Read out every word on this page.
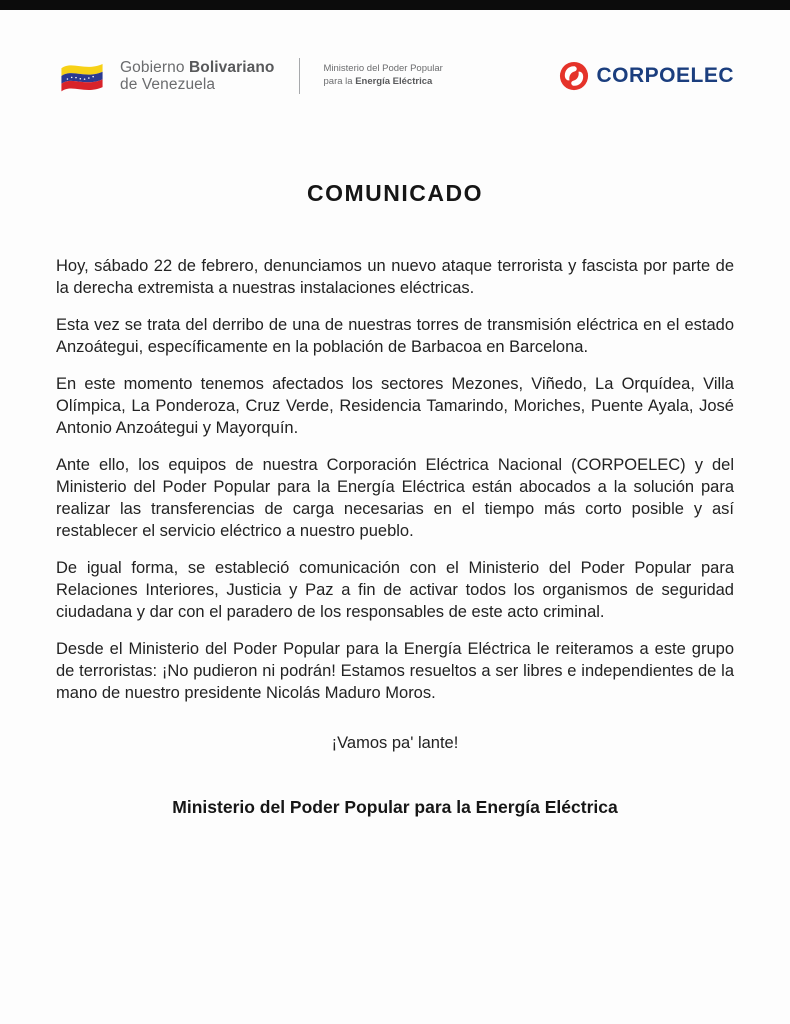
Gobierno Bolivariano
de Venezuela
Ministerio del Poder Popular
para la Energía Eléctrica	CORPOELEC
COMUNICADO

Hoy, sábado 22 de febrero, denunciamos un nuevo ataque terrorista y fascista por parte de la derecha extremista a nuestras instalaciones eléctricas.

Esta vez se trata del derribo de una de nuestras torres de transmisión eléctrica en el estado Anzoátegui, específicamente en la población de Barbacoa en Barcelona.

En este momento tenemos afectados los sectores Mezones, Viñedo, La Orquídea, Villa Olímpica, La Ponderoza, Cruz Verde, Residencia Tamarindo, Moriches, Puente Ayala, José Antonio Anzoátegui y Mayorquín.

Ante ello, los equipos de nuestra Corporación Eléctrica Nacional (CORPOELEC) y del Ministerio del Poder Popular para la Energía Eléctrica están abocados a la solución para realizar las transferencias de carga necesarias en el tiempo más corto posible y así restablecer el servicio eléctrico a nuestro pueblo.

De igual forma, se estableció comunicación con el Ministerio del Poder Popular para Relaciones Interiores, Justicia y Paz a fin de activar todos los organismos de seguridad ciudadana y dar con el paradero de los responsables de este acto criminal.

Desde el Ministerio del Poder Popular para la Energía Eléctrica le reiteramos a este grupo de terroristas: ¡No pudieron ni podrán! Estamos resueltos a ser libres e independientes de la mano de nuestro presidente Nicolás Maduro Moros.

¡Vamos pa' lante!
Ministerio del Poder Popular para la Energía Eléctrica
